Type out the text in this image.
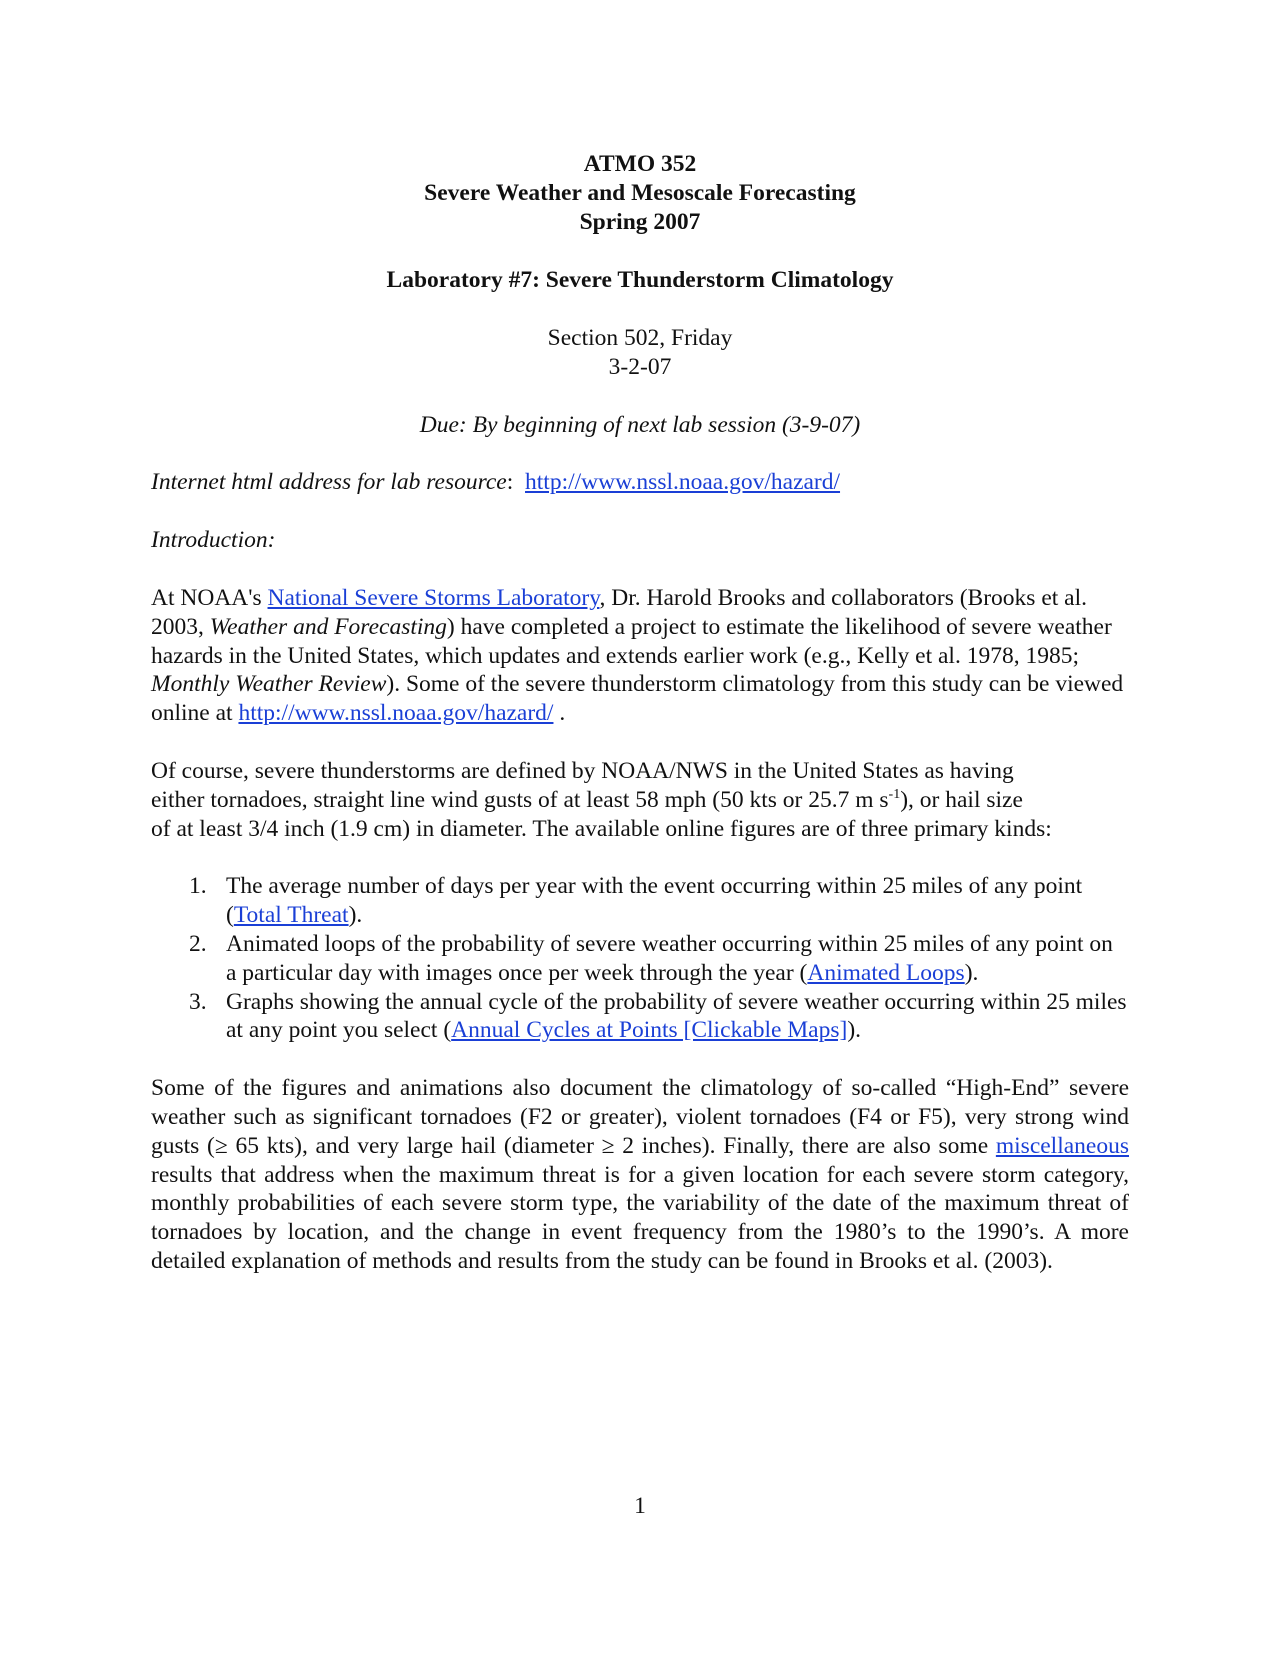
ATMO 352
Severe Weather and Mesoscale Forecasting
Spring 2007
Laboratory #7: Severe Thunderstorm Climatology
Section 502, Friday
3-2-07
Due: By beginning of next lab session (3-9-07)
Internet html address for lab resource: http://www.nssl.noaa.gov/hazard/
Introduction:

At NOAA's National Severe Storms Laboratory, Dr. Harold Brooks and collaborators (Brooks et al. 2003, Weather and Forecasting) have completed a project to estimate the likelihood of severe weather hazards in the United States, which updates and extends earlier work (e.g., Kelly et al. 1978, 1985; Monthly Weather Review). Some of the severe thunderstorm climatology from this study can be viewed online at http://www.nssl.noaa.gov/hazard/ .

Of course, severe thunderstorms are defined by NOAA/NWS in the United States as having
either tornadoes, straight line wind gusts of at least 58 mph (50 kts or 25.7 m $s^{-1}$), or hail size
of at least 3/4 inch (1.9 cm) in diameter. The available online figures are of three primary kinds:
1. The average number of days per year with the event occurring within 25 miles of any point (Total Threat).
2. Animated loops of the probability of severe weather occurring within 25 miles of any point on a particular day with images once per week through the year (Animated Loops).
3. Graphs showing the annual cycle of the probability of severe weather occurring within 25 miles at any point you select (Annual Cycles at Points [Clickable Maps]).

Some of the figures and animations also document the climatology of so-called “High-End” severe weather such as significant tornadoes (F2 or greater), violent tornadoes (F4 or F5), very strong wind gusts (≥ 65 kts), and very large hail (diameter ≥ 2 inches). Finally, there are also some miscellaneous results that address when the maximum threat is for a given location for each severe storm category, monthly probabilities of each severe storm type, the variability of the date of the maximum threat of tornadoes by location, and the change in event frequency from the 1980’s to the 1990’s. A more detailed explanation of methods and results from the study can be found in Brooks et al. (2003).

1
